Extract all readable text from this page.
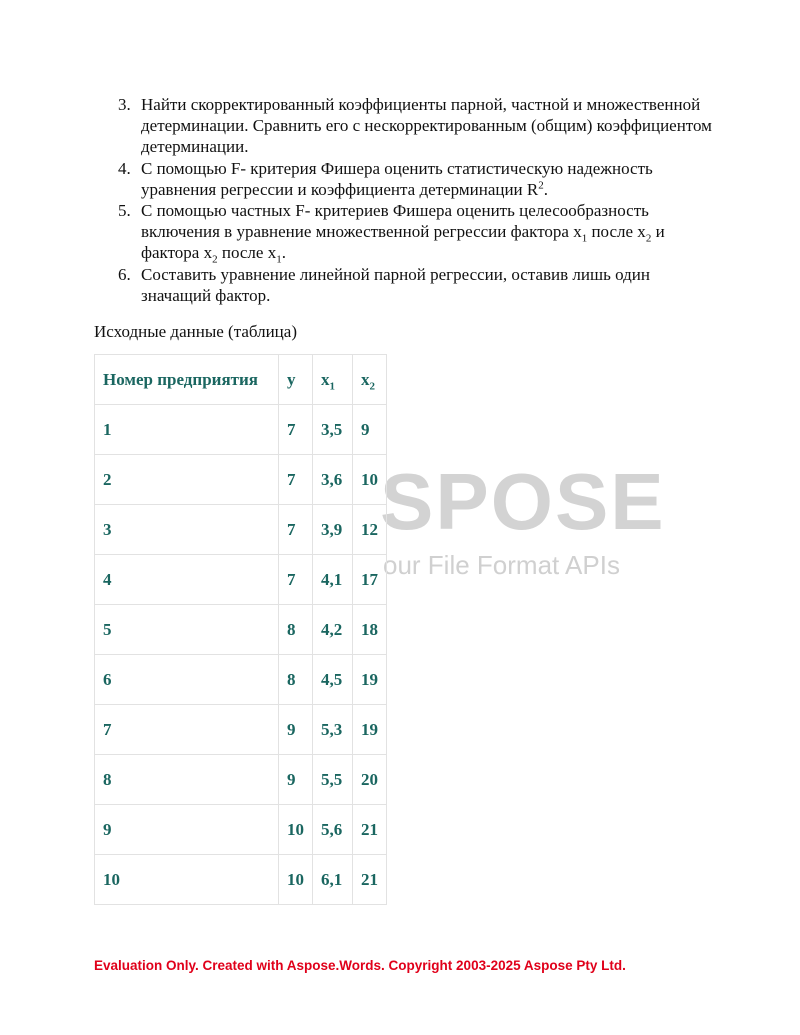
SPOSE
our File Format APIs
3. Найти скорректированный коэффициенты парной, частной и множественной детерминации. Сравнить его с нескорректированным (общим) коэффициентом детерминации.
4. С помощью F- критерия Фишера оценить статистическую надежность уравнения регрессии и коэффициента детерминации $R^2$.
5. С помощью частных F- критериев Фишера оценить целесообразность включения в уравнение множественной регрессии фактора $x_1$ после $x_2$ и фактора $x_2$ после $x_1$.
6. Составить уравнение линейной парной регрессии, оставив лишь один значащий фактор.
Исходные данные (таблица)
Номер предприятия	y	$x_1$	$x_2$
1	7	3,5	9
2	7	3,6	10
3	7	3,9	12
4	7	4,1	17
5	8	4,2	18
6	8	4,5	19
7	9	5,3	19
8	9	5,5	20
9	10	5,6	21
10	10	6,1	21
Evaluation Only. Created with Aspose.Words. Copyright 2003-2025 Aspose Pty Ltd.
